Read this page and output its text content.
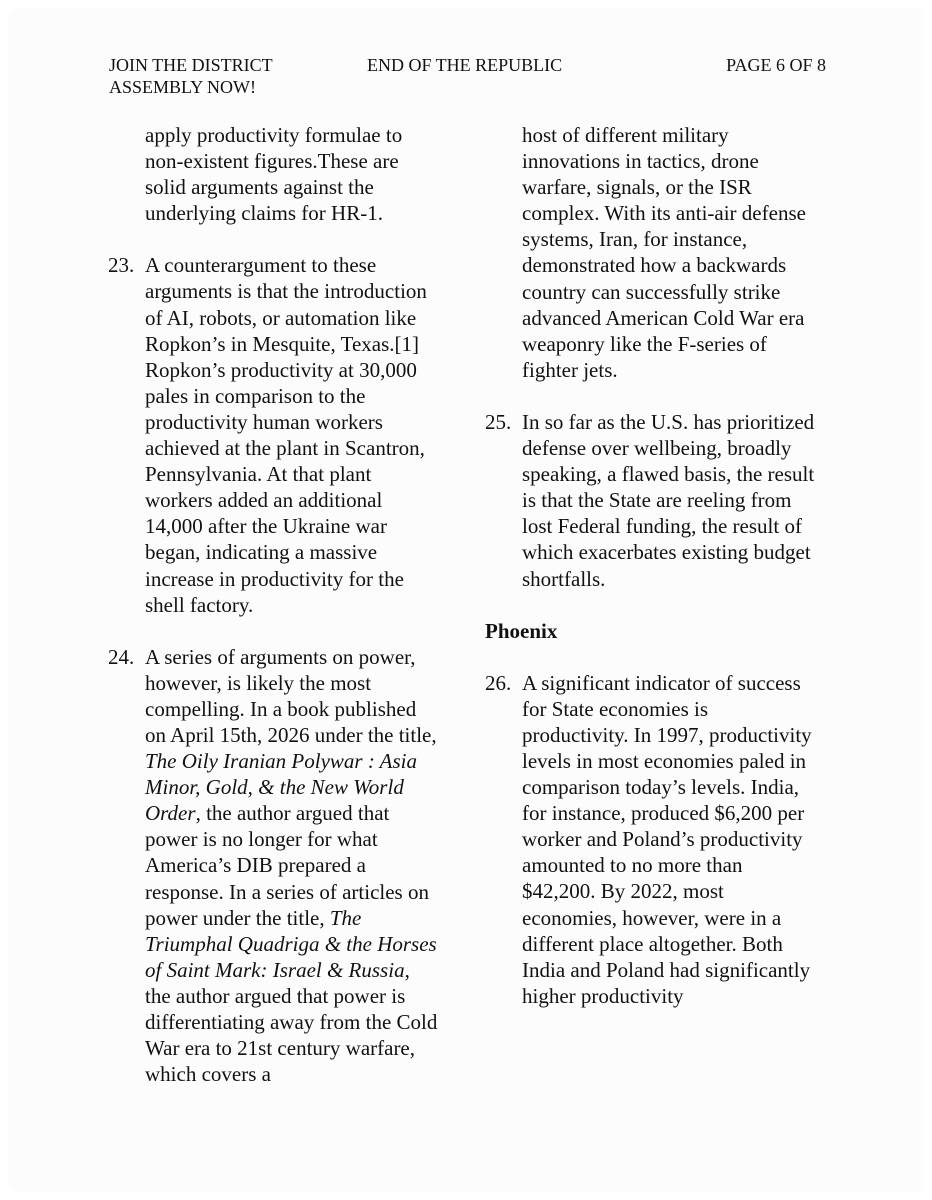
JOIN THE DISTRICT ASSEMBLY NOW!
END OF THE REPUBLIC	PAGE 6 OF 8

apply productivity formulae to non-existent figures.These are solid arguments against the underlying claims for HR-1.

23. A counterargument to these arguments is that the introduction of AI, robots, or automation like Ropkon’s in Mesquite, Texas.[1] Ropkon’s productivity at 30,000 pales in comparison to the productivity human workers achieved at the plant in Scantron, Pennsylvania. At that plant workers added an additional 14,000 after the Ukraine war began, indicating a massive increase in productivity for the shell factory.
24. A series of arguments on power, however, is likely the most compelling. In a book published on April 15th, 2026 under the title, The Oily Iranian Polywar : Asia Minor, Gold, & the New World Order, the author argued that power is no longer for what America’s DIB prepared a response. In a series of articles on power under the title, The Triumphal Quadriga & the Horses of Saint Mark: Israel & Russia, the author argued that power is differentiating away from the Cold War era to 21st century warfare, which covers a

host of different military innovations in tactics, drone warfare, signals, or the ISR complex. With its anti-air defense systems, Iran, for instance, demonstrated how a backwards country can successfully strike advanced American Cold War era weaponry like the F-series of fighter jets.

25. In so far as the U.S. has prioritized defense over wellbeing, broadly speaking, a flawed basis, the result is that the State are reeling from lost Federal funding, the result of which exacerbates existing budget shortfalls.
Phoenix
26. A significant indicator of success for State economies is productivity. In 1997, productivity levels in most economies paled in comparison today’s levels. India, for instance, produced $6,200 per worker and Poland’s productivity amounted to no more than $42,200. By 2022, most economies, however, were in a different place altogether. Both India and Poland had significantly higher productivity
